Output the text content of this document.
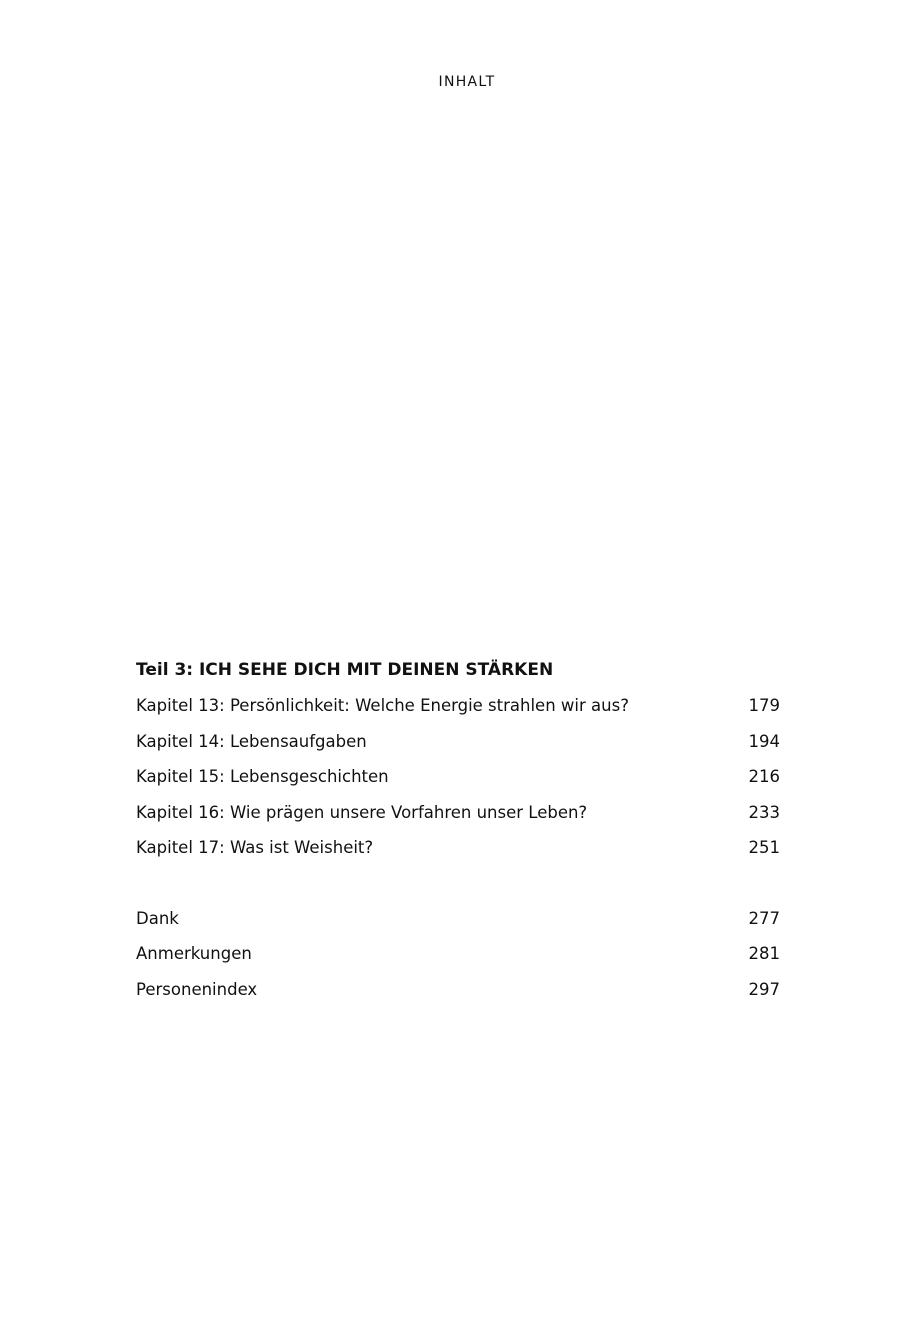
INHALT
Teil 3: ICH SEHE DICH MIT DEINEN STÄRKEN
Kapitel 13: Persönlichkeit: Welche Energie strahlen wir aus?	179
Kapitel 14: Lebensaufgaben	194
Kapitel 15: Lebensgeschichten	216
Kapitel 16: Wie prägen unsere Vorfahren unser Leben?	233
Kapitel 17: Was ist Weisheit?	251
Dank	277
Anmerkungen	281
Personenindex	297
